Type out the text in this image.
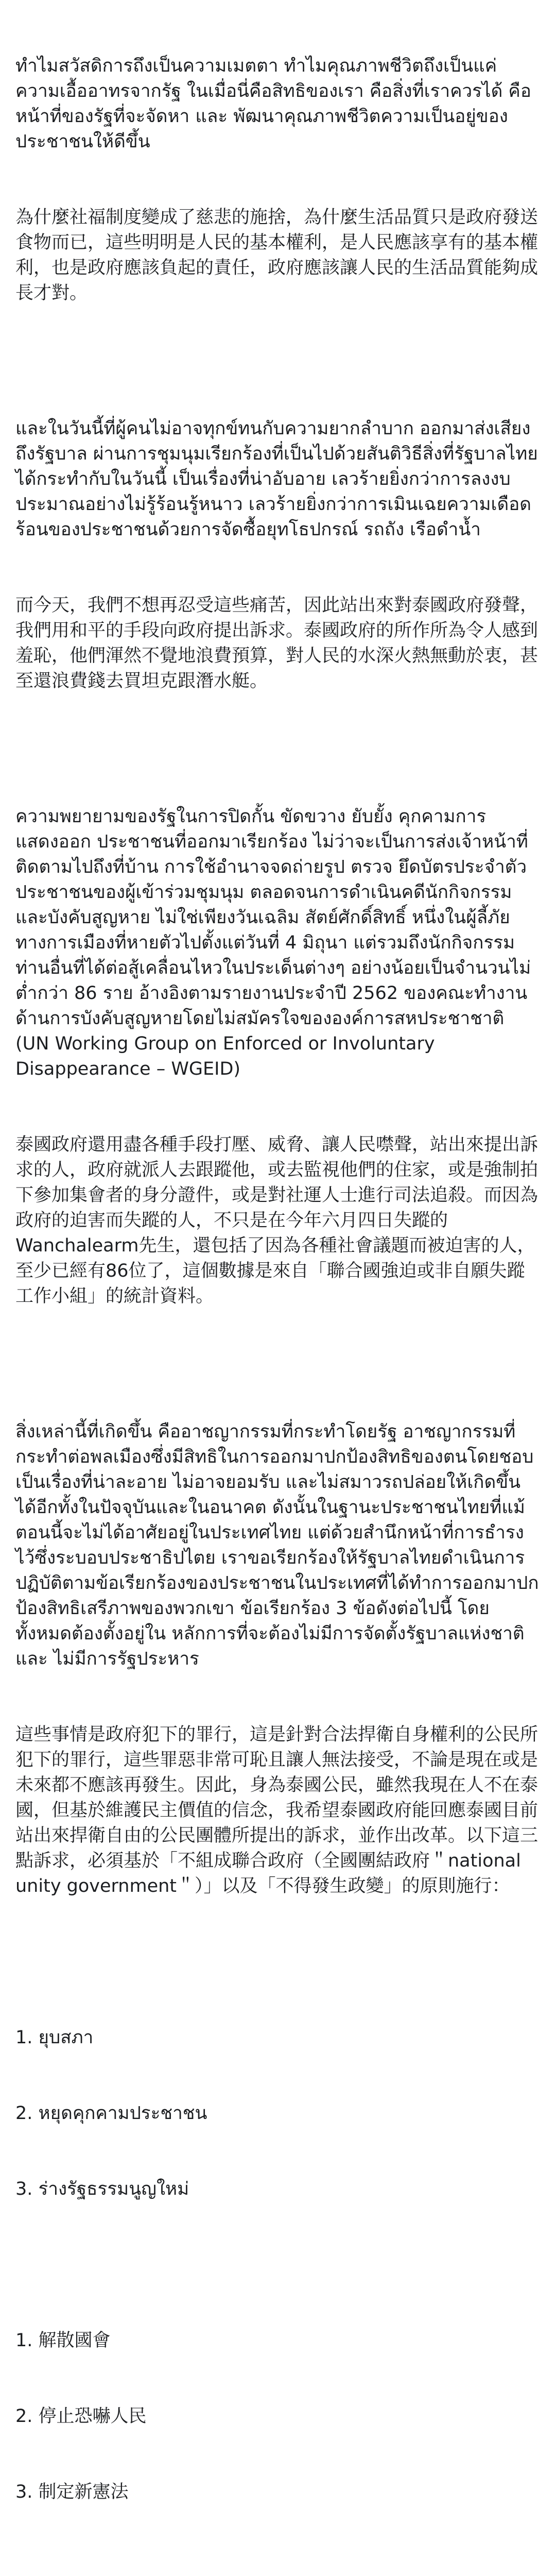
ทำไมสวัสดิการถึงเป็นความเมตตา ทำไมคุณภาพชีวิตถึงเป็นแค่ความเอื้ออาทรจากรัฐ ในเมื่อนี่คือสิทธิของเรา คือสิ่งที่เราควรได้ คือหน้าที่ของรัฐที่จะจัดหา และ พัฒนาคุณภาพชีวิตความเป็นอยู่ของประชาชนให้ดีขึ้น

為什麼社福制度變成了慈悲的施捨，為什麼生活品質只是政府發送食物而已，這些明明是人民的基本權利，是人民應該享有的基本權利，也是政府應該負起的責任，政府應該讓人民的生活品質能夠成長才對。

และในวันนี้ที่ผู้คนไม่อาจทุกข์ทนกับความยากลำบาก ออกมาส่งเสียงถึงรัฐบาล ผ่านการชุมนุมเรียกร้องที่เป็นไปด้วยสันติวิธีสิ่งที่รัฐบาลไทยได้กระทำกับในวันนี้ เป็นเรื่องที่น่าอับอาย เลวร้ายยิ่งกว่าการลงงบประมาณอย่างไม่รู้ร้อนรู้หนาว เลวร้ายยิ่งกว่าการเมินเฉยความเดือดร้อนของประชาชนด้วยการจัดซื้อยุทโธปกรณ์ รถถัง เรือดำน้ำ

而今天，我們不想再忍受這些痛苦，因此站出來對泰國政府發聲，我們用和平的手段向政府提出訴求。泰國政府的所作所為令人感到羞恥，他們渾然不覺地浪費預算，對人民的水深火熱無動於衷，甚至還浪費錢去買坦克跟潛水艇。

ความพยายามของรัฐในการปิดกั้น ขัดขวาง ยับยั้ง คุกคามการแสดงออก ประชาชนที่ออกมาเรียกร้อง ไม่ว่าจะเป็นการส่งเจ้าหน้าที่ติดตามไปถึงที่บ้าน การใช้อำนาจจดถ่ายรูป ตรวจ ยึดบัตรประจำตัวประชาชนของผู้เข้าร่วมชุมนุม ตลอดจนการดำเนินคดีนักกิจกรรม และบังคับสูญหาย ไม่ใช่เพียงวันเฉลิม สัตย์ศักดิ์สิทธิ์ หนึ่งในผู้ลี้ภัยทางการเมืองที่หายตัวไปตั้งแต่วันที่ 4 มิถุนา แต่รวมถึงนักกิจกรรมท่านอื่นที่ได้ต่อสู้เคลื่อนไหวในประเด็นต่างๆ อย่างน้อยเป็นจำนวนไม่ต่ำกว่า 86 ราย อ้างอิงตามรายงานประจำปี 2562 ของคณะทำงานด้านการบังคับสูญหายโดยไม่สมัครใจขององค์การสหประชาชาติ (UN Working Group on Enforced or Involuntary Disappearance – WGEID)

泰國政府還用盡各種手段打壓、威脅、讓人民噤聲，站出來提出訴求的人，政府就派人去跟蹤他，或去監視他們的住家，或是強制拍下參加集會者的身分證件，或是對社運人士進行司法追殺。而因為政府的迫害而失蹤的人，不只是在今年六月四日失蹤的Wanchalearm先生，還包括了因為各種社會議題而被迫害的人，至少已經有86位了，這個數據是來自「聯合國強迫或非自願失蹤工作小組」的統計資料。

สิ่งเหล่านี้ที่เกิดขึ้น คืออาชญากรรมที่กระทำโดยรัฐ อาชญากรรมที่กระทำต่อพลเมืองซึ่งมีสิทธิในการออกมาปกป้องสิทธิของตนโดยชอบ เป็นเรื่องที่น่าละอาย ไม่อาจยอมรับ และไม่สมาวรถปล่อยให้เกิดขึ้นได้อีกทั้งในปัจจุบันและในอนาคต ดังนั้นในฐานะประชาชนไทยที่แม้ตอนนี้จะไม่ได้อาศัยอยู่ในประเทศไทย แต่ด้วยสำนึกหน้าที่การธำรงไว้ซึ่งระบอบประชาธิปไตย เราขอเรียกร้องให้รัฐบาลไทยดำเนินการปฏิบัติตามข้อเรียกร้องของประชาชนในประเทศที่ได้ทำการออกมาปกป้องสิทธิเสรีภาพของพวกเขา ข้อเรียกร้อง 3 ข้อดังต่อไปนี้ โดยทั้งหมดต้องตั้งอยู่ใน หลักการที่จะต้องไม่มีการจัดตั้งรัฐบาลแห่งชาติ และ ไม่มีการรัฐประหาร

這些事情是政府犯下的罪行，這是針對合法捍衛自身權利的公民所犯下的罪行，這些罪惡非常可恥且讓人無法接受，不論是現在或是未來都不應該再發生。因此，身為泰國公民，雖然我現在人不在泰國，但基於維護民主價值的信念，我希望泰國政府能回應泰國目前站出來捍衛自由的公民團體所提出的訴求，並作出改革。以下這三點訴求，必須基於「不組成聯合政府（全國團結政府＂national unity government＂）」以及「不得發生政變」的原則施行：

1. ยุบสภา

2. หยุดคุกคามประชาชน

3. ร่างรัฐธรรมนูญใหม่

1. 解散國會

2. 停止恐嚇人民

3. 制定新憲法
